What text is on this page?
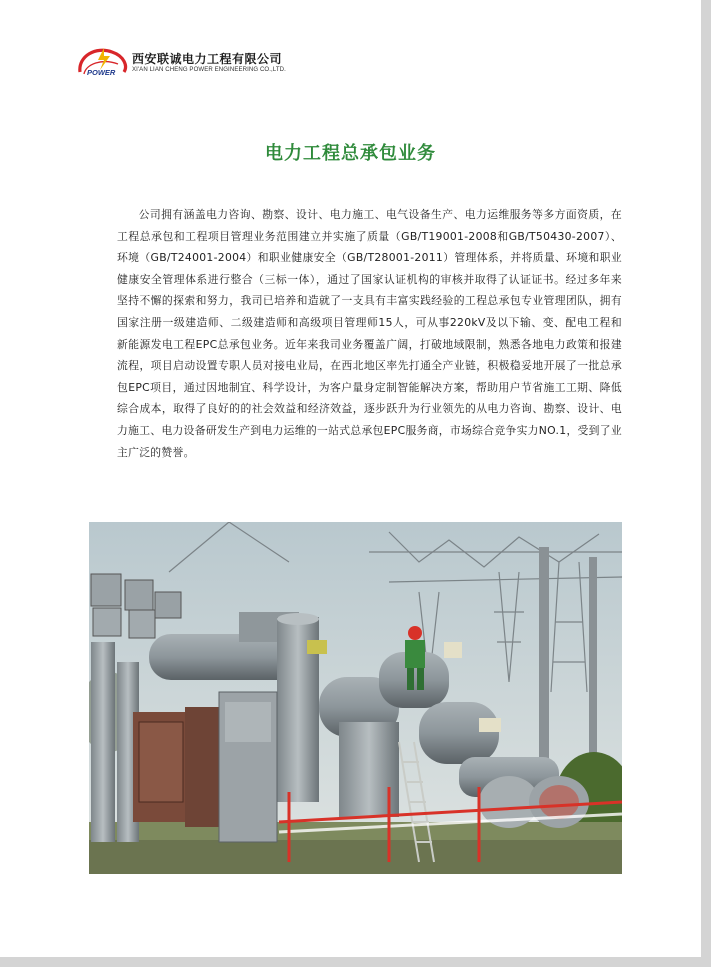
POWER
西安联诚电力工程有限公司
XI'AN LIAN CHENG POWER ENGINEERING CO.,LTD.
电力工程总承包业务

公司拥有涵盖电力咨询、勘察、设计、电力施工、电气设备生产、电力运维服务等多方面资质，在工程总承包和工程项目管理业务范围建立并实施了质量（GB/T19001-2008和GB/T50430-2007）、环境（GB/T24001-2004）和职业健康安全（GB/T28001-2011）管理体系，并将质量、环境和职业健康安全管理体系进行整合（三标一体），通过了国家认证机构的审核并取得了认证证书。经过多年来坚持不懈的探索和努力，我司已培养和造就了一支具有丰富实践经验的工程总承包专业管理团队，拥有国家注册一级建造师、二级建造师和高级项目管理师15人，可从事220kV及以下输、变、配电工程和新能源发电工程EPC总承包业务。近年来我司业务覆盖广阔，打破地域限制，熟悉各地电力政策和报建流程，项目启动设置专职人员对接电业局，在西北地区率先打通全产业链，积极稳妥地开展了一批总承包EPC项目，通过因地制宜、科学设计，为客户量身定制智能解决方案，帮助用户节省施工工期、降低综合成本，取得了良好的的社会效益和经济效益，逐步跃升为行业领先的从电力咨询、勘察、设计、电力施工、电力设备研发生产到电力运维的一站式总承包EPC服务商，市场综合竞争实力NO.1，受到了业主广泛的赞誉。
